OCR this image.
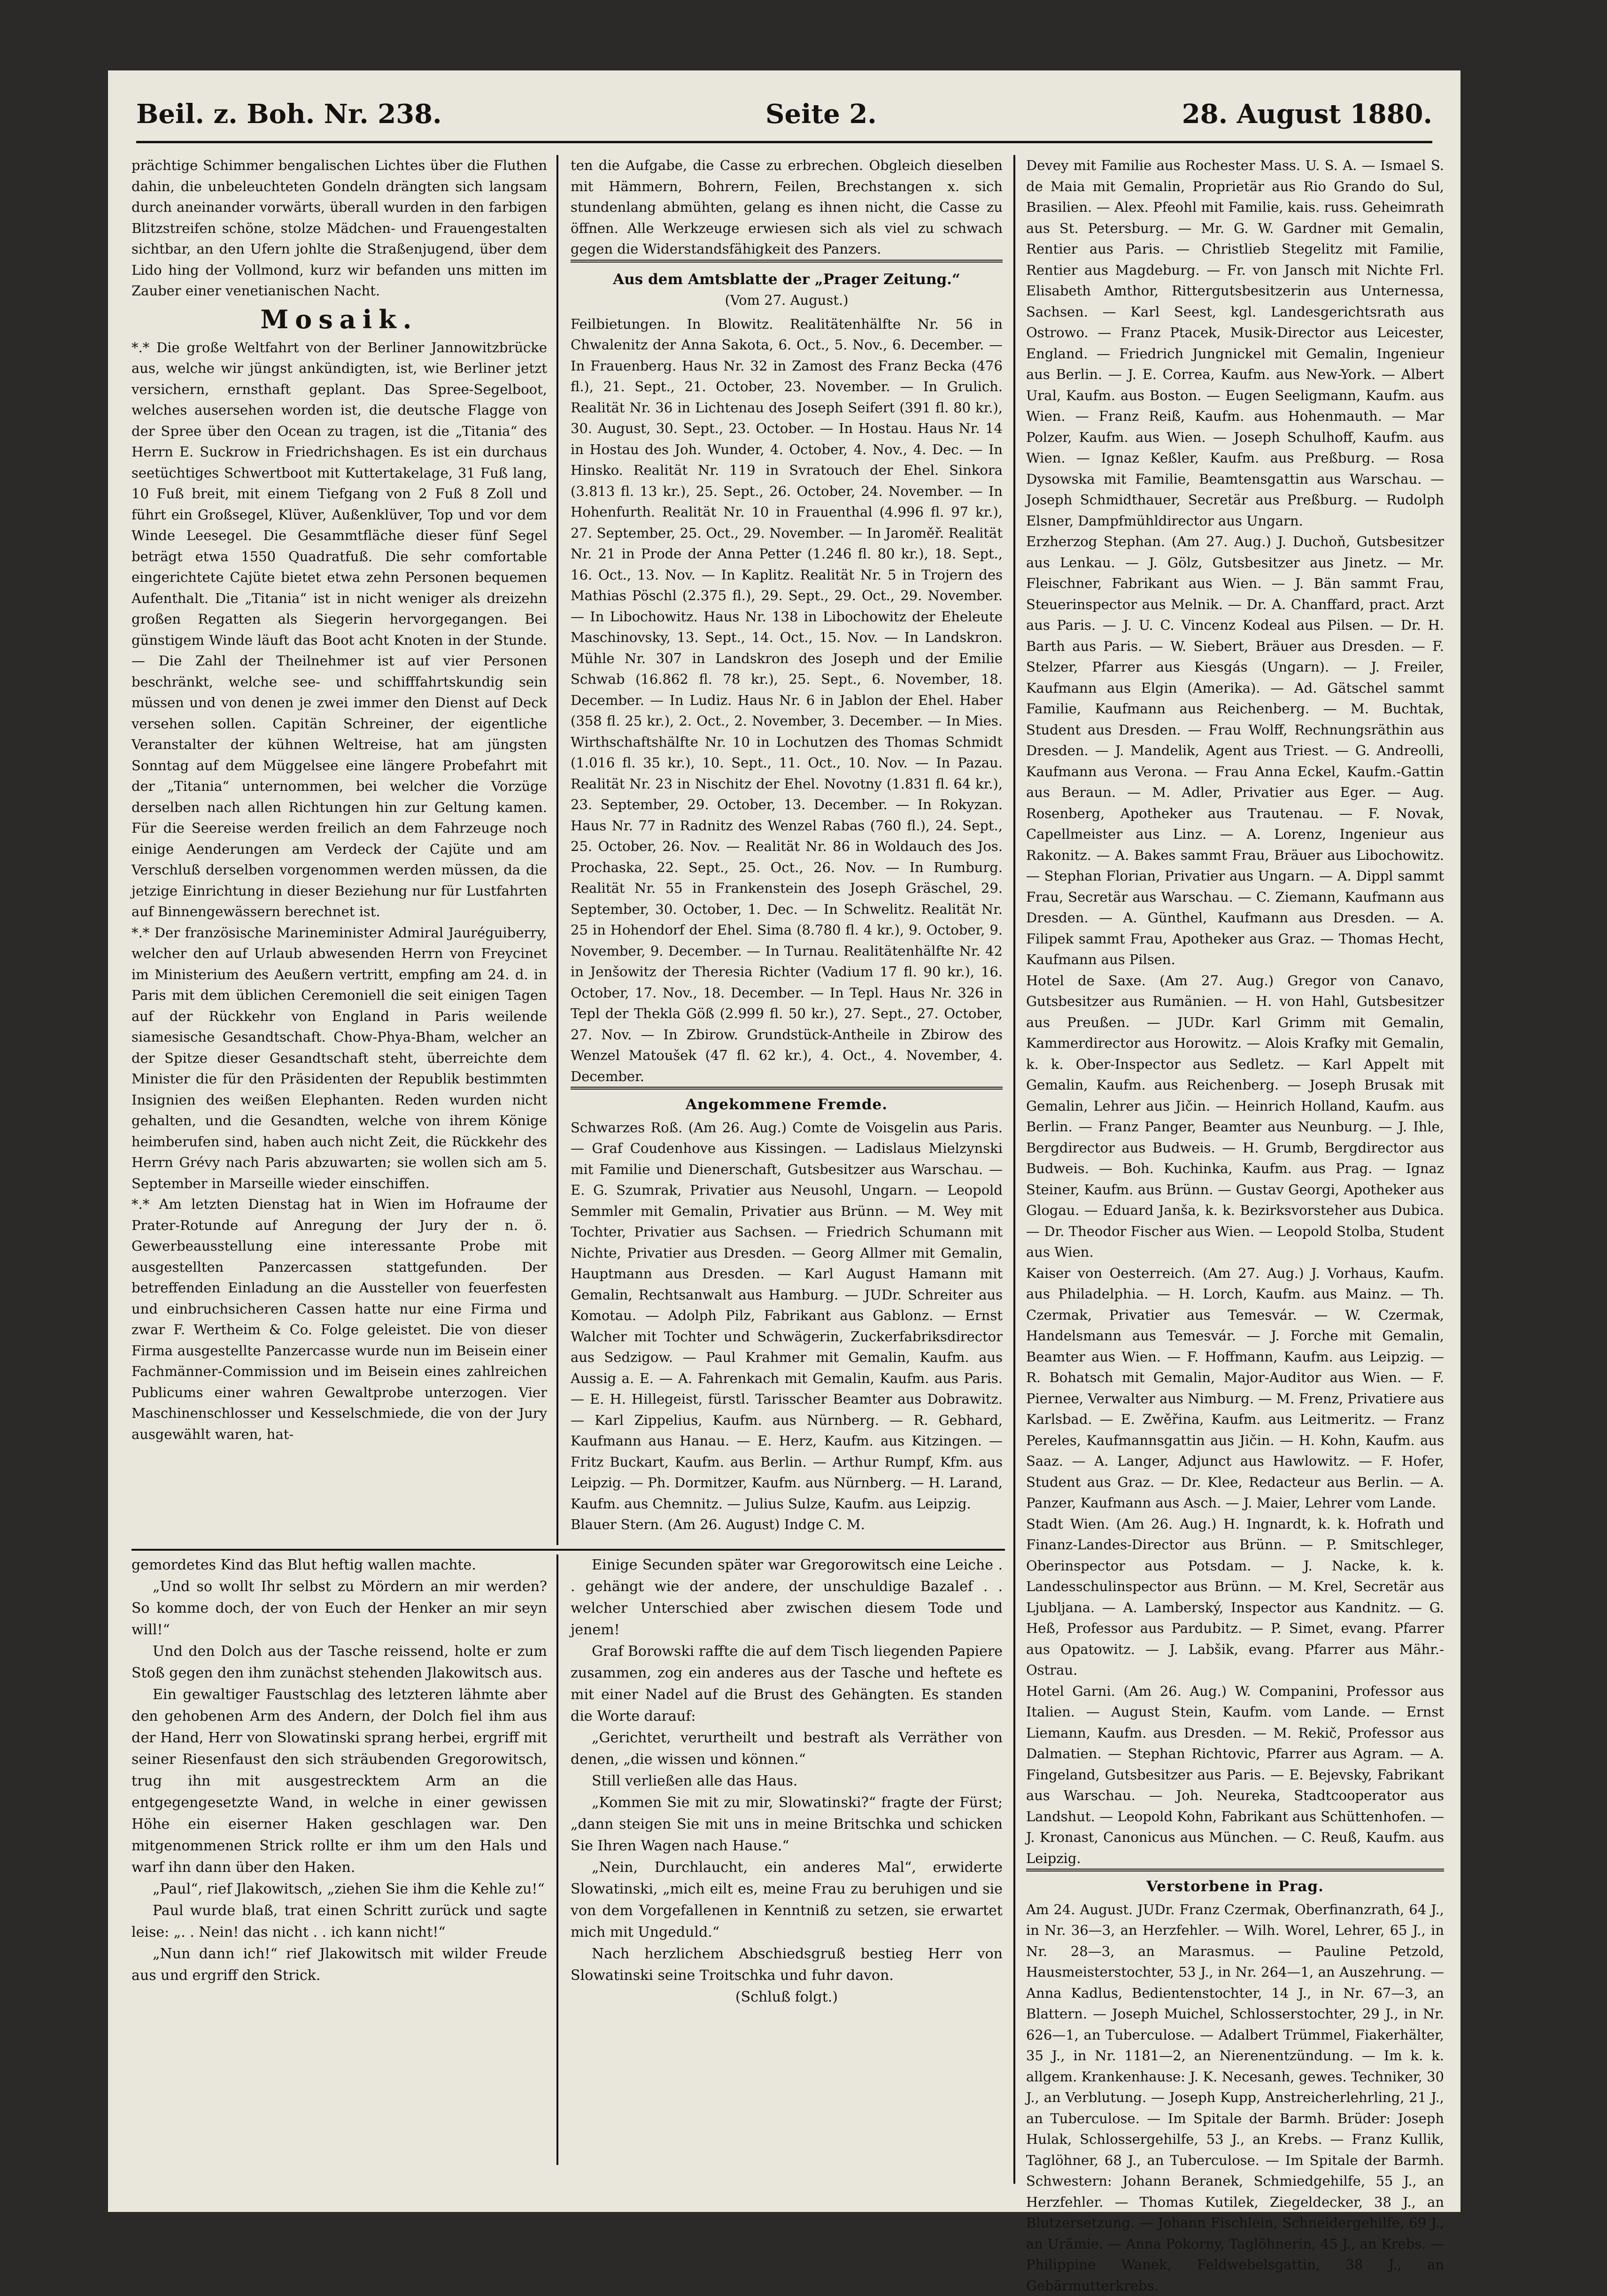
Beil. z. Boh. Nr. 238.	Seite 2.	28. August 1880.

prächtige Schimmer bengalischen Lichtes über die Fluthen dahin, die unbeleuchteten Gondeln drängten sich langsam durch aneinander vorwärts, überall wurden in den farbigen Blitzstreifen schöne, stolze Mädchen- und Frauengestalten sichtbar, an den Ufern johlte die Straßenjugend, über dem Lido hing der Vollmond, kurz wir befanden uns mitten im Zauber einer venetianischen Nacht.

Mosaik.

*.* Die große Weltfahrt von der Berliner Jannowitzbrücke aus, welche wir jüngst ankündigten, ist, wie Berliner jetzt versichern, ernsthaft geplant. Das Spree-Segelboot, welches ausersehen worden ist, die deutsche Flagge von der Spree über den Ocean zu tragen, ist die „Titania“ des Herrn E. Suckrow in Friedrichshagen. Es ist ein durchaus seetüchtiges Schwertboot mit Kuttertakelage, 31 Fuß lang, 10 Fuß breit, mit einem Tiefgang von 2 Fuß 8 Zoll und führt ein Großsegel, Klüver, Außenklüver, Top und vor dem Winde Leesegel. Die Gesammtfläche dieser fünf Segel beträgt etwa 1550 Quadratfuß. Die sehr comfortable eingerichtete Cajüte bietet etwa zehn Personen bequemen Aufenthalt. Die „Titania“ ist in nicht weniger als dreizehn großen Regatten als Siegerin hervorgegangen. Bei günstigem Winde läuft das Boot acht Knoten in der Stunde. — Die Zahl der Theilnehmer ist auf vier Personen beschränkt, welche see- und schifffahrtskundig sein müssen und von denen je zwei immer den Dienst auf Deck versehen sollen. Capitän Schreiner, der eigentliche Veranstalter der kühnen Weltreise, hat am jüngsten Sonntag auf dem Müggelsee eine längere Probefahrt mit der „Titania“ unternommen, bei welcher die Vorzüge derselben nach allen Richtungen hin zur Geltung kamen. Für die Seereise werden freilich an dem Fahrzeuge noch einige Aenderungen am Verdeck der Cajüte und am Verschluß derselben vorgenommen werden müssen, da die jetzige Einrichtung in dieser Beziehung nur für Lustfahrten auf Binnengewässern berechnet ist.

*.* Der französische Marineminister Admiral Jauréguiberry, welcher den auf Urlaub abwesenden Herrn von Freycinet im Ministerium des Aeußern vertritt, empfing am 24. d. in Paris mit dem üblichen Ceremoniell die seit einigen Tagen auf der Rückkehr von England in Paris weilende siamesische Gesandtschaft. Chow-Phya-Bham, welcher an der Spitze dieser Gesandtschaft steht, überreichte dem Minister die für den Präsidenten der Republik bestimmten Insignien des weißen Elephanten. Reden wurden nicht gehalten, und die Gesandten, welche von ihrem Könige heimberufen sind, haben auch nicht Zeit, die Rückkehr des Herrn Grévy nach Paris abzuwarten; sie wollen sich am 5. September in Marseille wieder einschiffen.

*.* Am letzten Dienstag hat in Wien im Hofraume der Prater-Rotunde auf Anregung der Jury der n. ö. Gewerbeausstellung eine interessante Probe mit ausgestellten Panzercassen stattgefunden. Der betreffenden Einladung an die Aussteller von feuerfesten und einbruchsicheren Cassen hatte nur eine Firma und zwar F. Wertheim & Co. Folge geleistet. Die von dieser Firma ausgestellte Panzercasse wurde nun im Beisein einer Fachmänner-Commission und im Beisein eines zahlreichen Publicums einer wahren Gewaltprobe unterzogen. Vier Maschinenschlosser und Kesselschmiede, die von der Jury ausgewählt waren, hat-

ten die Aufgabe, die Casse zu erbrechen. Obgleich dieselben mit Hämmern, Bohrern, Feilen, Brechstangen x. sich stundenlang abmühten, gelang es ihnen nicht, die Casse zu öffnen. Alle Werkzeuge erwiesen sich als viel zu schwach gegen die Widerstandsfähigkeit des Panzers.

Aus dem Amtsblatte der „Prager Zeitung.“
(Vom 27. August.)

Feilbietungen. In Blowitz. Realitätenhälfte Nr. 56 in Chwalenitz der Anna Sakota, 6. Oct., 5. Nov., 6. December. — In Frauenberg. Haus Nr. 32 in Zamost des Franz Becka (476 fl.), 21. Sept., 21. October, 23. November. — In Grulich. Realität Nr. 36 in Lichtenau des Joseph Seifert (391 fl. 80 kr.), 30. August, 30. Sept., 23. October. — In Hostau. Haus Nr. 14 in Hostau des Joh. Wunder, 4. October, 4. Nov., 4. Dec. — In Hinsko. Realität Nr. 119 in Svratouch der Ehel. Sinkora (3.813 fl. 13 kr.), 25. Sept., 26. October, 24. November. — In Hohenfurth. Realität Nr. 10 in Frauenthal (4.996 fl. 97 kr.), 27. September, 25. Oct., 29. November. — In Jaroměř. Realität Nr. 21 in Prode der Anna Petter (1.246 fl. 80 kr.), 18. Sept., 16. Oct., 13. Nov. — In Kaplitz. Realität Nr. 5 in Trojern des Mathias Pöschl (2.375 fl.), 29. Sept., 29. Oct., 29. November. — In Libochowitz. Haus Nr. 138 in Libochowitz der Eheleute Maschinovsky, 13. Sept., 14. Oct., 15. Nov. — In Landskron. Mühle Nr. 307 in Landskron des Joseph und der Emilie Schwab (16.862 fl. 78 kr.), 25. Sept., 6. November, 18. December. — In Ludiz. Haus Nr. 6 in Jablon der Ehel. Haber (358 fl. 25 kr.), 2. Oct., 2. November, 3. December. — In Mies. Wirthschaftshälfte Nr. 10 in Lochutzen des Thomas Schmidt (1.016 fl. 35 kr.), 10. Sept., 11. Oct., 10. Nov. — In Pazau. Realität Nr. 23 in Nischitz der Ehel. Novotny (1.831 fl. 64 kr.), 23. September, 29. October, 13. December. — In Rokyzan. Haus Nr. 77 in Radnitz des Wenzel Rabas (760 fl.), 24. Sept., 25. October, 26. Nov. — Realität Nr. 86 in Woldauch des Jos. Prochaska, 22. Sept., 25. Oct., 26. Nov. — In Rumburg. Realität Nr. 55 in Frankenstein des Joseph Gräschel, 29. September, 30. October, 1. Dec. — In Schwelitz. Realität Nr. 25 in Hohendorf der Ehel. Sima (8.780 fl. 4 kr.), 9. October, 9. November, 9. December. — In Turnau. Realitätenhälfte Nr. 42 in Jenšowitz der Theresia Richter (Vadium 17 fl. 90 kr.), 16. October, 17. Nov., 18. December. — In Tepl. Haus Nr. 326 in Tepl der Thekla Göß (2.999 fl. 50 kr.), 27. Sept., 27. October, 27. Nov. — In Zbirow. Grundstück-Antheile in Zbirow des Wenzel Matoušek (47 fl. 62 kr.), 4. Oct., 4. November, 4. December.

Angekommene Fremde.

Schwarzes Roß. (Am 26. Aug.) Comte de Voisgelin aus Paris. — Graf Coudenhove aus Kissingen. — Ladislaus Mielzynski mit Familie und Dienerschaft, Gutsbesitzer aus Warschau. — E. G. Szumrak, Privatier aus Neusohl, Ungarn. — Leopold Semmler mit Gemalin, Privatier aus Brünn. — M. Wey mit Tochter, Privatier aus Sachsen. — Friedrich Schumann mit Nichte, Privatier aus Dresden. — Georg Allmer mit Gemalin, Hauptmann aus Dresden. — Karl August Hamann mit Gemalin, Rechtsanwalt aus Hamburg. — JUDr. Schreiter aus Komotau. — Adolph Pilz, Fabrikant aus Gablonz. — Ernst Walcher mit Tochter und Schwägerin, Zuckerfabriksdirector aus Sedzigow. — Paul Krahmer mit Gemalin, Kaufm. aus Aussig a. E. — A. Fahrenkach mit Gemalin, Kaufm. aus Paris. — E. H. Hillegeist, fürstl. Tarisscher Beamter aus Dobrawitz. — Karl Zippelius, Kaufm. aus Nürnberg. — R. Gebhard, Kaufmann aus Hanau. — E. Herz, Kaufm. aus Kitzingen. — Fritz Buckart, Kaufm. aus Berlin. — Arthur Rumpf, Kfm. aus Leipzig. — Ph. Dormitzer, Kaufm. aus Nürnberg. — H. Larand, Kaufm. aus Chemnitz. — Julius Sulze, Kaufm. aus Leipzig.

Blauer Stern. (Am 26. August) Indge C. M.

Devey mit Familie aus Rochester Mass. U. S. A. — Ismael S. de Maia mit Gemalin, Proprietär aus Rio Grando do Sul, Brasilien. — Alex. Pfeohl mit Familie, kais. russ. Geheimrath aus St. Petersburg. — Mr. G. W. Gardner mit Gemalin, Rentier aus Paris. — Christlieb Stegelitz mit Familie, Rentier aus Magdeburg. — Fr. von Jansch mit Nichte Frl. Elisabeth Amthor, Rittergutsbesitzerin aus Unternessa, Sachsen. — Karl Seest, kgl. Landesgerichtsrath aus Ostrowo. — Franz Ptacek, Musik-Director aus Leicester, England. — Friedrich Jungnickel mit Gemalin, Ingenieur aus Berlin. — J. E. Correa, Kaufm. aus New-York. — Albert Ural, Kaufm. aus Boston. — Eugen Seeligmann, Kaufm. aus Wien. — Franz Reiß, Kaufm. aus Hohenmauth. — Mar Polzer, Kaufm. aus Wien. — Joseph Schulhoff, Kaufm. aus Wien. — Ignaz Keßler, Kaufm. aus Preßburg. — Rosa Dysowska mit Familie, Beamtensgattin aus Warschau. — Joseph Schmidthauer, Secretär aus Preßburg. — Rudolph Elsner, Dampfmühldirector aus Ungarn.

Erzherzog Stephan. (Am 27. Aug.) J. Duchoň, Gutsbesitzer aus Lenkau. — J. Gölz, Gutsbesitzer aus Jinetz. — Mr. Fleischner, Fabrikant aus Wien. — J. Bän sammt Frau, Steuerinspector aus Melnik. — Dr. A. Chanffard, pract. Arzt aus Paris. — J. U. C. Vincenz Kodeal aus Pilsen. — Dr. H. Barth aus Paris. — W. Siebert, Bräuer aus Dresden. — F. Stelzer, Pfarrer aus Kiesgás (Ungarn). — J. Freiler, Kaufmann aus Elgin (Amerika). — Ad. Gätschel sammt Familie, Kaufmann aus Reichenberg. — M. Buchtak, Student aus Dresden. — Frau Wolff, Rechnungsräthin aus Dresden. — J. Mandelik, Agent aus Triest. — G. Andreolli, Kaufmann aus Verona. — Frau Anna Eckel, Kaufm.-Gattin aus Beraun. — M. Adler, Privatier aus Eger. — Aug. Rosenberg, Apotheker aus Trautenau. — F. Novak, Capellmeister aus Linz. — A. Lorenz, Ingenieur aus Rakonitz. — A. Bakes sammt Frau, Bräuer aus Libochowitz. — Stephan Florian, Privatier aus Ungarn. — A. Dippl sammt Frau, Secretär aus Warschau. — C. Ziemann, Kaufmann aus Dresden. — A. Günthel, Kaufmann aus Dresden. — A. Filipek sammt Frau, Apotheker aus Graz. — Thomas Hecht, Kaufmann aus Pilsen.

Hotel de Saxe. (Am 27. Aug.) Gregor von Canavo, Gutsbesitzer aus Rumänien. — H. von Hahl, Gutsbesitzer aus Preußen. — JUDr. Karl Grimm mit Gemalin, Kammerdirector aus Horowitz. — Alois Krafky mit Gemalin, k. k. Ober-Inspector aus Sedletz. — Karl Appelt mit Gemalin, Kaufm. aus Reichenberg. — Joseph Brusak mit Gemalin, Lehrer aus Jičin. — Heinrich Holland, Kaufm. aus Berlin. — Franz Panger, Beamter aus Neunburg. — J. Ihle, Bergdirector aus Budweis. — H. Grumb, Bergdirector aus Budweis. — Boh. Kuchinka, Kaufm. aus Prag. — Ignaz Steiner, Kaufm. aus Brünn. — Gustav Georgi, Apotheker aus Glogau. — Eduard Janša, k. k. Bezirksvorsteher aus Dubica. — Dr. Theodor Fischer aus Wien. — Leopold Stolba, Student aus Wien.

Kaiser von Oesterreich. (Am 27. Aug.) J. Vorhaus, Kaufm. aus Philadelphia. — H. Lorch, Kaufm. aus Mainz. — Th. Czermak, Privatier aus Temesvár. — W. Czermak, Handelsmann aus Temesvár. — J. Forche mit Gemalin, Beamter aus Wien. — F. Hoffmann, Kaufm. aus Leipzig. — R. Bohatsch mit Gemalin, Major-Auditor aus Wien. — F. Piernee, Verwalter aus Nimburg. — M. Frenz, Privatiere aus Karlsbad. — E. Zwěřina, Kaufm. aus Leitmeritz. — Franz Pereles, Kaufmannsgattin aus Jičin. — H. Kohn, Kaufm. aus Saaz. — A. Langer, Adjunct aus Hawlowitz. — F. Hofer, Student aus Graz. — Dr. Klee, Redacteur aus Berlin. — A. Panzer, Kaufmann aus Asch. — J. Maier, Lehrer vom Lande.

Stadt Wien. (Am 26. Aug.) H. Ingnardt, k. k. Hofrath und Finanz-Landes-Director aus Brünn. — P. Smitschleger, Oberinspector aus Potsdam. — J. Nacke, k. k. Landesschulinspector aus Brünn. — M. Krel, Secretär aus Ljubljana. — A. Lamberský, Inspector aus Kandnitz. — G. Heß, Professor aus Pardubitz. — P. Simet, evang. Pfarrer aus Opatowitz. — J. Labšik, evang. Pfarrer aus Mähr.-Ostrau.

Hotel Garni. (Am 26. Aug.) W. Companini, Professor aus Italien. — August Stein, Kaufm. vom Lande. — Ernst Liemann, Kaufm. aus Dresden. — M. Rekič, Professor aus Dalmatien. — Stephan Richtovic, Pfarrer aus Agram. — A. Fingeland, Gutsbesitzer aus Paris. — E. Bejevsky, Fabrikant aus Warschau. — Joh. Neureka, Stadtcooperator aus Landshut. — Leopold Kohn, Fabrikant aus Schüttenhofen. — J. Kronast, Canonicus aus München. — C. Reuß, Kaufm. aus Leipzig.

Verstorbene in Prag.

Am 24. August. JUDr. Franz Czermak, Oberfinanzrath, 64 J., in Nr. 36—3, an Herzfehler. — Wilh. Worel, Lehrer, 65 J., in Nr. 28—3, an Marasmus. — Pauline Petzold, Hausmeisterstochter, 53 J., in Nr. 264—1, an Auszehrung. — Anna Kadlus, Bedientenstochter, 14 J., in Nr. 67—3, an Blattern. — Joseph Muichel, Schlosserstochter, 29 J., in Nr. 626—1, an Tuberculose. — Adalbert Trümmel, Fiakerhälter, 35 J., in Nr. 1181—2, an Nierenentzündung. — Im k. k. allgem. Krankenhause: J. K. Necesanh, gewes. Techniker, 30 J., an Verblutung. — Joseph Kupp, Anstreicherlehrling, 21 J., an Tuberculose. — Im Spitale der Barmh. Brüder: Joseph Hulak, Schlossergehilfe, 53 J., an Krebs. — Franz Kullik, Taglöhner, 68 J., an Tuberculose. — Im Spitale der Barmh. Schwestern: Johann Beranek, Schmiedgehilfe, 55 J., an Herzfehler. — Thomas Kutilek, Ziegeldecker, 38 J., an Blutzersetzung. — Johann Fischlein, Schneidergehilfe, 69 J., an Urämie. — Anna Pokorny, Taglöhnerin, 45 J., an Krebs. — Philippine Wanek, Feldwebelsgattin, 38 J., an Gebärmutterkrebs.

gemordetes Kind das Blut heftig wallen machte.

„Und so wollt Ihr selbst zu Mördern an mir werden? So komme doch, der von Euch der Henker an mir seyn will!“

Und den Dolch aus der Tasche reissend, holte er zum Stoß gegen den ihm zunächst stehenden Jlakowitsch aus.

Ein gewaltiger Faustschlag des letzteren lähmte aber den gehobenen Arm des Andern, der Dolch fiel ihm aus der Hand, Herr von Slowatinski sprang herbei, ergriff mit seiner Riesenfaust den sich sträubenden Gregorowitsch, trug ihn mit ausgestrecktem Arm an die entgegengesetzte Wand, in welche in einer gewissen Höhe ein eiserner Haken geschlagen war. Den mitgenommenen Strick rollte er ihm um den Hals und warf ihn dann über den Haken.

„Paul“, rief Jlakowitsch, „ziehen Sie ihm die Kehle zu!“

Paul wurde blaß, trat einen Schritt zurück und sagte leise: „. . Nein! das nicht . . ich kann nicht!“

„Nun dann ich!“ rief Jlakowitsch mit wilder Freude aus und ergriff den Strick.

Einige Secunden später war Gregorowitsch eine Leiche . . gehängt wie der andere, der unschuldige Bazalef . . welcher Unterschied aber zwischen diesem Tode und jenem!

Graf Borowski raffte die auf dem Tisch liegenden Papiere zusammen, zog ein anderes aus der Tasche und heftete es mit einer Nadel auf die Brust des Gehängten. Es standen die Worte darauf:

„Gerichtet, verurtheilt und bestraft als Verräther von denen, „die wissen und können.“

Still verließen alle das Haus.

„Kommen Sie mit zu mir, Slowatinski?“ fragte der Fürst; „dann steigen Sie mit uns in meine Britschka und schicken Sie Ihren Wagen nach Hause.“

„Nein, Durchlaucht, ein anderes Mal“, erwiderte Slowatinski, „mich eilt es, meine Frau zu beruhigen und sie von dem Vorgefallenen in Kenntniß zu setzen, sie erwartet mich mit Ungeduld.“

Nach herzlichem Abschiedsgruß bestieg Herr von Slowatinski seine Troitschka und fuhr davon.

(Schluß folgt.)
